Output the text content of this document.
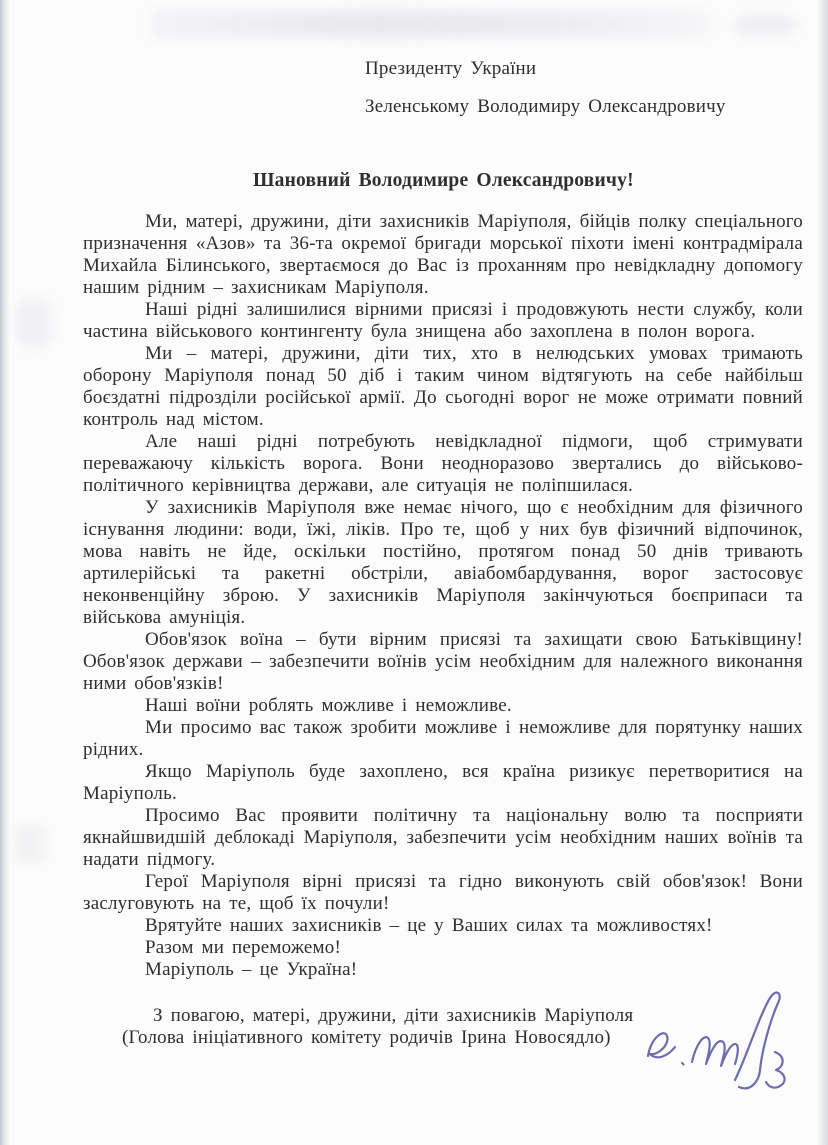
Президенту України
Зеленському Володимиру Олександровичу
Шановний Володимире Олександровичу!

Ми, матері, дружини, діти захисників Маріуполя, бійців полку спеціального призначення «Азов» та 36-та окремої бригади морської піхоти імені контрадмірала Михайла Білинського, звертаємося до Вас із проханням про невідкладну допомогу нашим рідним – захисникам Маріуполя.

Наші рідні залишилися вірними присязі і продовжують нести службу, коли частина військового контингенту була знищена або захоплена в полон ворога.

Ми – матері, дружини, діти тих, хто в нелюдських умовах тримають оборону Маріуполя понад 50 діб і таким чином відтягують на себе найбільш боєздатні підрозділи російської армії. До сьогодні ворог не може отримати повний контроль над містом.

Але наші рідні потребують невідкладної підмоги, щоб стримувати переважаючу кількість ворога. Вони неодноразово звертались до військово-політичного керівництва держави, але ситуація не поліпшилася.

У захисників Маріуполя вже немає нічого, що є необхідним для фізичного існування людини: води, їжі, ліків. Про те, щоб у них був фізичний відпочинок, мова навіть не йде, оскільки постійно, протягом понад 50 днів тривають артилерійські та ракетні обстріли, авіабомбардування, ворог застосовує неконвенційну зброю. У захисників Маріуполя закінчуються боєприпаси та військова амуніція.

Обов'язок воїна – бути вірним присязі та захищати свою Батьківщину! Обов'язок держави – забезпечити воїнів усім необхідним для належного виконання ними обов'язків!

Наші воїни роблять можливе і неможливе.

Ми просимо вас також зробити можливе і неможливе для порятунку наших рідних.

Якщо Маріуполь буде захоплено, вся країна ризикує перетворитися на Маріуполь.

Просимо Вас проявити політичну та національну волю та посприяти якнайшвидшій деблокаді Маріуполя, забезпечити усім необхідним наших воїнів та надати підмогу.

Герої Маріуполя вірні присязі та гідно виконують свій обов'язок! Вони заслуговують на те, щоб їх почули!

Врятуйте наших захисників – це у Ваших силах та можливостях!

Разом ми переможемо!

Маріуполь – це Україна!

З повагою, матері, дружини, діти захисників Маріуполя
(Голова ініціативного комітету родичів Ірина Новосядло)
